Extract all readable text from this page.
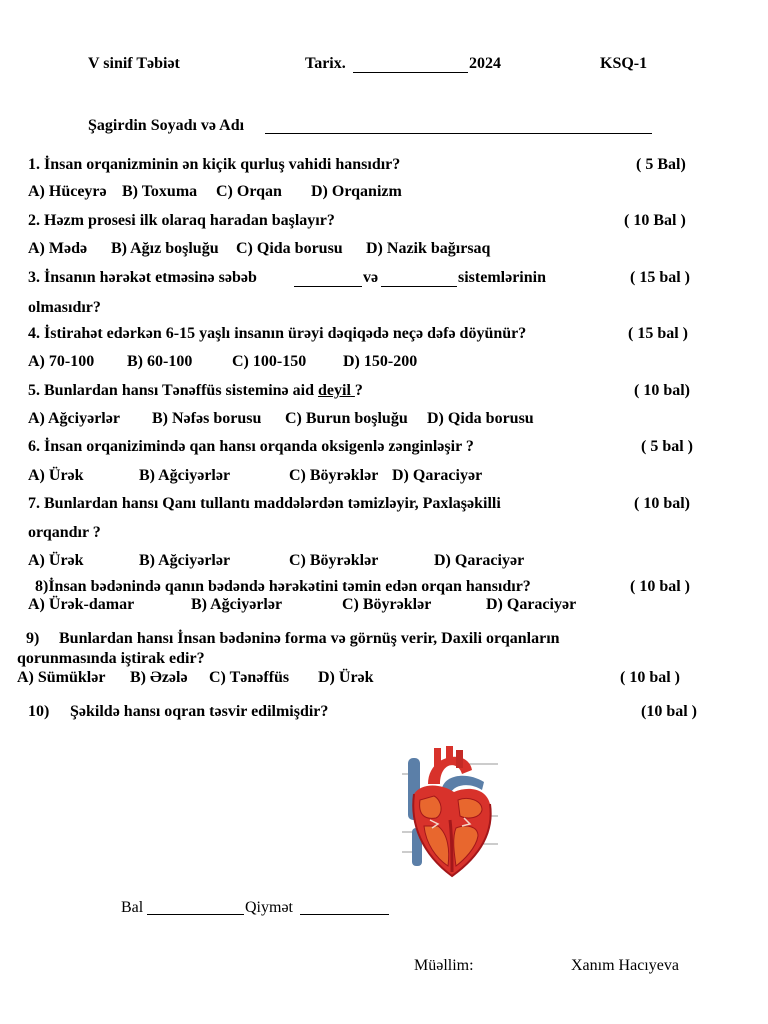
V sinif Təbiət	Tarix.	2024	KSQ-1
Şagirdin Soyadı və Adı
1. İnsan orqanizminin ən kiçik qurluş vahidi hansıdır?	( 5 Bal)
A) Hüceyrə B) Toxuma C) Orqan D) Orqanizm
2. Həzm prosesi ilk olaraq haradan başlayır?	( 10 Bal )
A) Mədə B) Ağız boşluğu C) Qida borusu D) Nazik bağırsaq
3. İnsanın hərəkət etməsinə səbəb	və	sistemlərinin	( 15 bal )
olmasıdır?
4. İstirahət edərkən 6-15 yaşlı insanın ürəyi dəqiqədə neçə dəfə döyünür?	( 15 bal )
A) 70-100 B) 60-100 C) 100-150 D) 150-200
5. Bunlardan hansı Tənəffüs sisteminə aid deyil ?	( 10 bal)
A) Ağciyərlər B) Nəfəs borusu C) Burun boşluğu D) Qida borusu
6. İnsan orqanizimində qan hansı orqanda oksigenlə zənginləşir ?	( 5 bal )
A) Ürək	B) Ağciyərlər	C) Böyrəklər D) Qaraciyər
7. Bunlardan hansı Qanı tullantı maddələrdən təmizləyir, Paxlaşəkilli	( 10 bal)
orqandır ?
A) Ürək	B) Ağciyərlər	C) Böyrəklər	D) Qaraciyər
8)İnsan bədənində qanın bədəndə hərəkətini təmin edən orqan hansıdır?	( 10 bal )
A) Ürək-damar	B) Ağciyərlər	C) Böyrəklər	D) Qaraciyər
9) Bunlardan hansı İnsan bədəninə forma və görnüş verir, Daxili orqanların
qorunmasında iştirak edir?
A) Sümüklər B) Əzələ C) Tənəffüs D) Ürək	( 10 bal )
10) Şəkildə hansı oqran təsvir edilmişdir?	(10 bal )
Bal	Qiymət
Müəllim:	Xanım Hacıyeva
